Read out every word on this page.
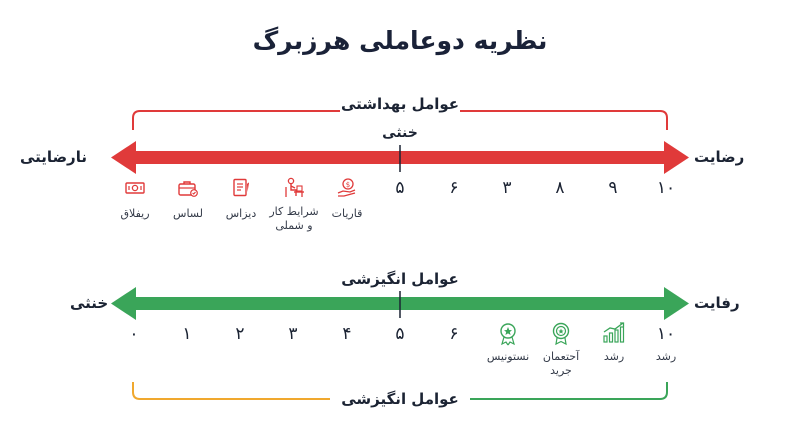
نظریه دوعاملی هرزبرگ
عوامل بهداشتی
خنثی
نارضایتی	رضایت
۵	۶	۳	۸	۹	۱۰
$
ریفلاق	لساس	دیزاس	شرایط کار
و شملی
قاریات
عوامل انگیزشی
خنثی	رفایت
۰	۱	۲	۳	۴	۵	۶	۱۰
نستونیس	آحتعمان
جرید
رشد	رشد
عوامل انگیزشی
